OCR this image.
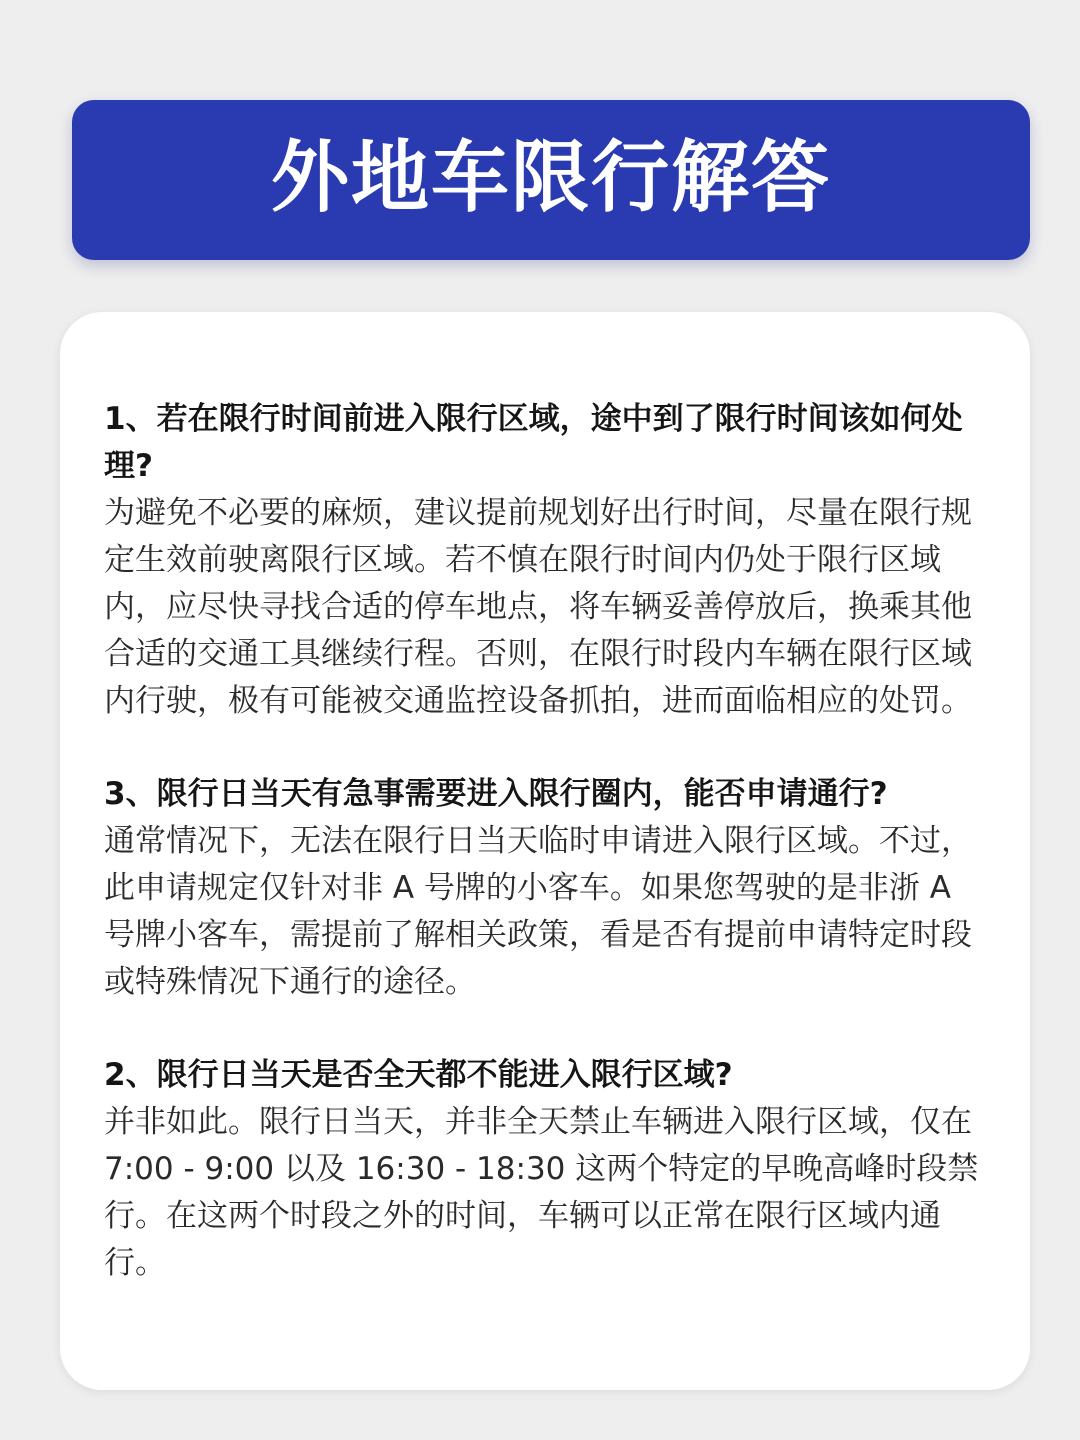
外地车限行解答

1、若在限行时间前进入限行区域，途中到了限行时间该如何处理?

为避免不必要的麻烦，建议提前规划好出行时间，尽量在限行规定生效前驶离限行区域。若不慎在限行时间内仍处于限行区域内，应尽快寻找合适的停车地点，将车辆妥善停放后，换乘其他合适的交通工具继续行程。否则，在限行时段内车辆在限行区域内行驶，极有可能被交通监控设备抓拍，进而面临相应的处罚。

3、限行日当天有急事需要进入限行圈内，能否申请通行?

通常情况下，无法在限行日当天临时申请进入限行区域。不过，此申请规定仅针对非 A 号牌的小客车。如果您驾驶的是非浙 A 号牌小客车，需提前了解相关政策，看是否有提前申请特定时段或特殊情况下通行的途径。

2、限行日当天是否全天都不能进入限行区域?

并非如此。限行日当天，并非全天禁止车辆进入限行区域，仅在 7:00 - 9:00 以及 16:30 - 18:30 这两个特定的早晚高峰时段禁行。在这两个时段之外的时间，车辆可以正常在限行区域内通行。
